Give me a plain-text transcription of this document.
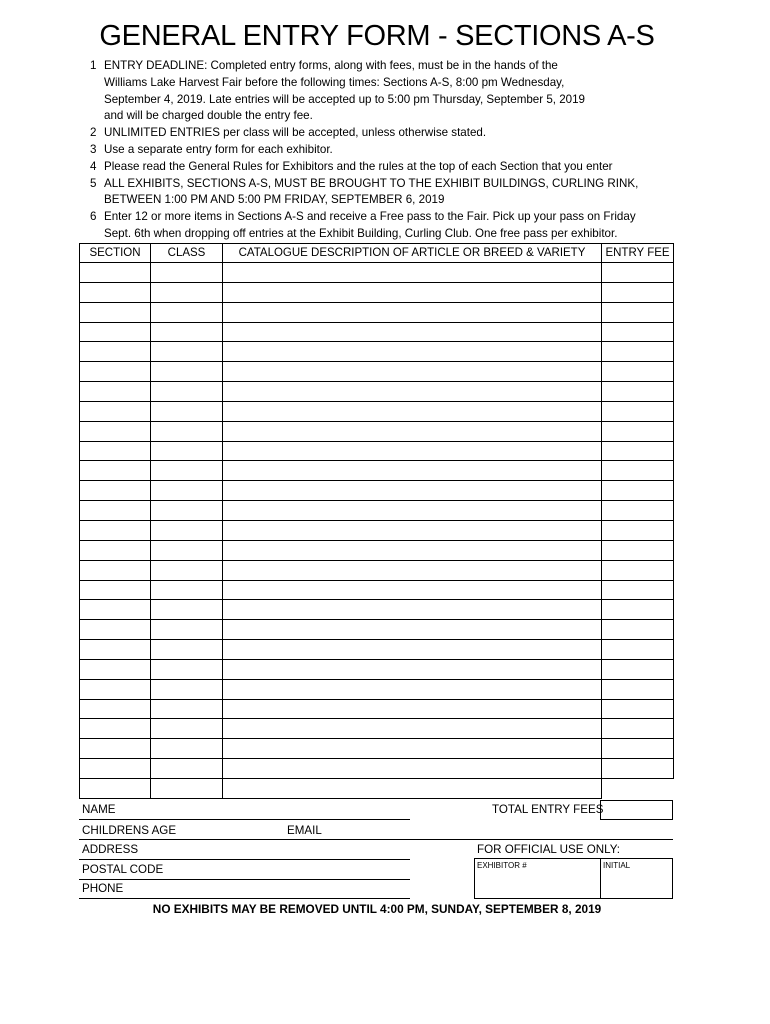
GENERAL ENTRY FORM - SECTIONS A-S
1 ENTRY DEADLINE: Completed entry forms, along with fees, must be in the hands of the
Williams Lake Harvest Fair before the following times: Sections A-S, 8:00 pm Wednesday,
September 4, 2019. Late entries will be accepted up to 5:00 pm Thursday, September 5, 2019
and will be charged double the entry fee.
2 UNLIMITED ENTRIES per class will be accepted, unless otherwise stated.
3 Use a separate entry form for each exhibitor.
4 Please read the General Rules for Exhibitors and the rules at the top of each Section that you enter
5 ALL EXHIBITS, SECTIONS A-S, MUST BE BROUGHT TO THE EXHIBIT BUILDINGS, CURLING RINK,
BETWEEN 1:00 PM AND 5:00 PM FRIDAY, SEPTEMBER 6, 2019
6 Enter 12 or more items in Sections A-S and receive a Free pass to the Fair. Pick up your pass on Friday
Sept. 6th when dropping off entries at the Exhibit Building, Curling Club. One free pass per exhibitor.
SECTION	CLASS	CATALOGUE DESCRIPTION OF ARTICLE OR BREED & VARIETY	ENTRY FEE

NAME	TOTAL ENTRY FEES
CHILDRENS AGE	EMAIL
ADDRESS	FOR OFFICIAL USE ONLY:
EXHIBITOR #	INITIAL
POSTAL CODE
PHONE
NO EXHIBITS MAY BE REMOVED UNTIL 4:00 PM, SUNDAY, SEPTEMBER 8, 2019
